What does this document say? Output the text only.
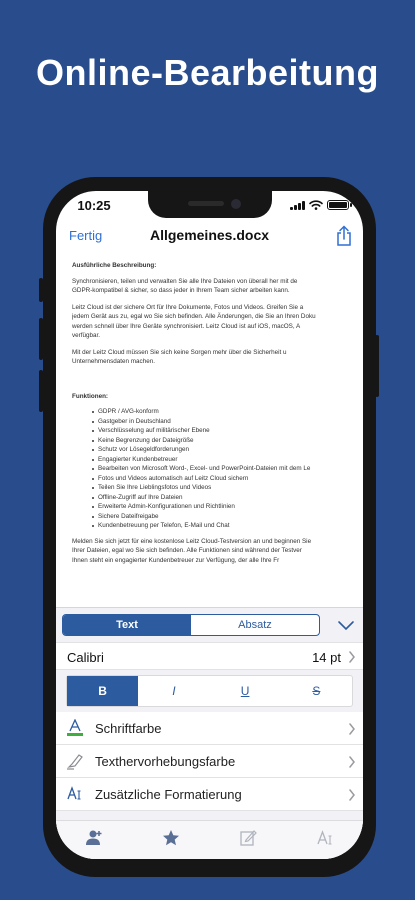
Online-Bearbeitung
10:25
Fertig	Allgemeines.docx

Ausführliche Beschreibung:

Synchronisieren, teilen und verwalten Sie alle Ihre Dateien von überall her mit de

GDPR-kompatibel & sicher, so dass jeder in Ihrem Team sicher arbeiten kann.

Leitz Cloud ist der sichere Ort für Ihre Dokumente, Fotos und Videos. Greifen Sie a

jedem Gerät aus zu, egal wo Sie sich befinden. Alle Änderungen, die Sie an Ihren Doku

werden schnell über Ihre Geräte synchronisiert. Leitz Cloud ist auf iOS, macOS, A

verfügbar.

Mit der Leitz Cloud müssen Sie sich keine Sorgen mehr über die Sicherheit u

Unternehmensdaten machen.

Funktionen:

GDPR / AVG-konform
Gastgeber in Deutschland
Verschlüsselung auf militärischer Ebene
Keine Begrenzung der Dateigröße
Schutz vor Lösegeldforderungen
Engagierter Kundenbetreuer
Bearbeiten von Microsoft Word-, Excel- und PowerPoint-Dateien mit dem Le
Fotos und Videos automatisch auf Leitz Cloud sichern
Teilen Sie Ihre Lieblingsfotos und Videos
Offline-Zugriff auf Ihre Dateien
Erweiterte Admin-Konfigurationen und Richtlinien
Sichere Dateifreigabe
Kundenbetreuung per Telefon, E-Mail und Chat

Melden Sie sich jetzt für eine kostenlose Leitz Cloud-Testversion an und beginnen Sie

Ihrer Dateien, egal wo Sie sich befinden. Alle Funktionen sind während der Testver

Ihnen steht ein engagierter Kundenbetreuer zur Verfügung, der alle Ihre Fr

Text	Absatz
Calibri	14 pt
B	I	U	S
Schriftfarbe
Texthervorhebungsfarbe
Zusätzliche Formatierung
